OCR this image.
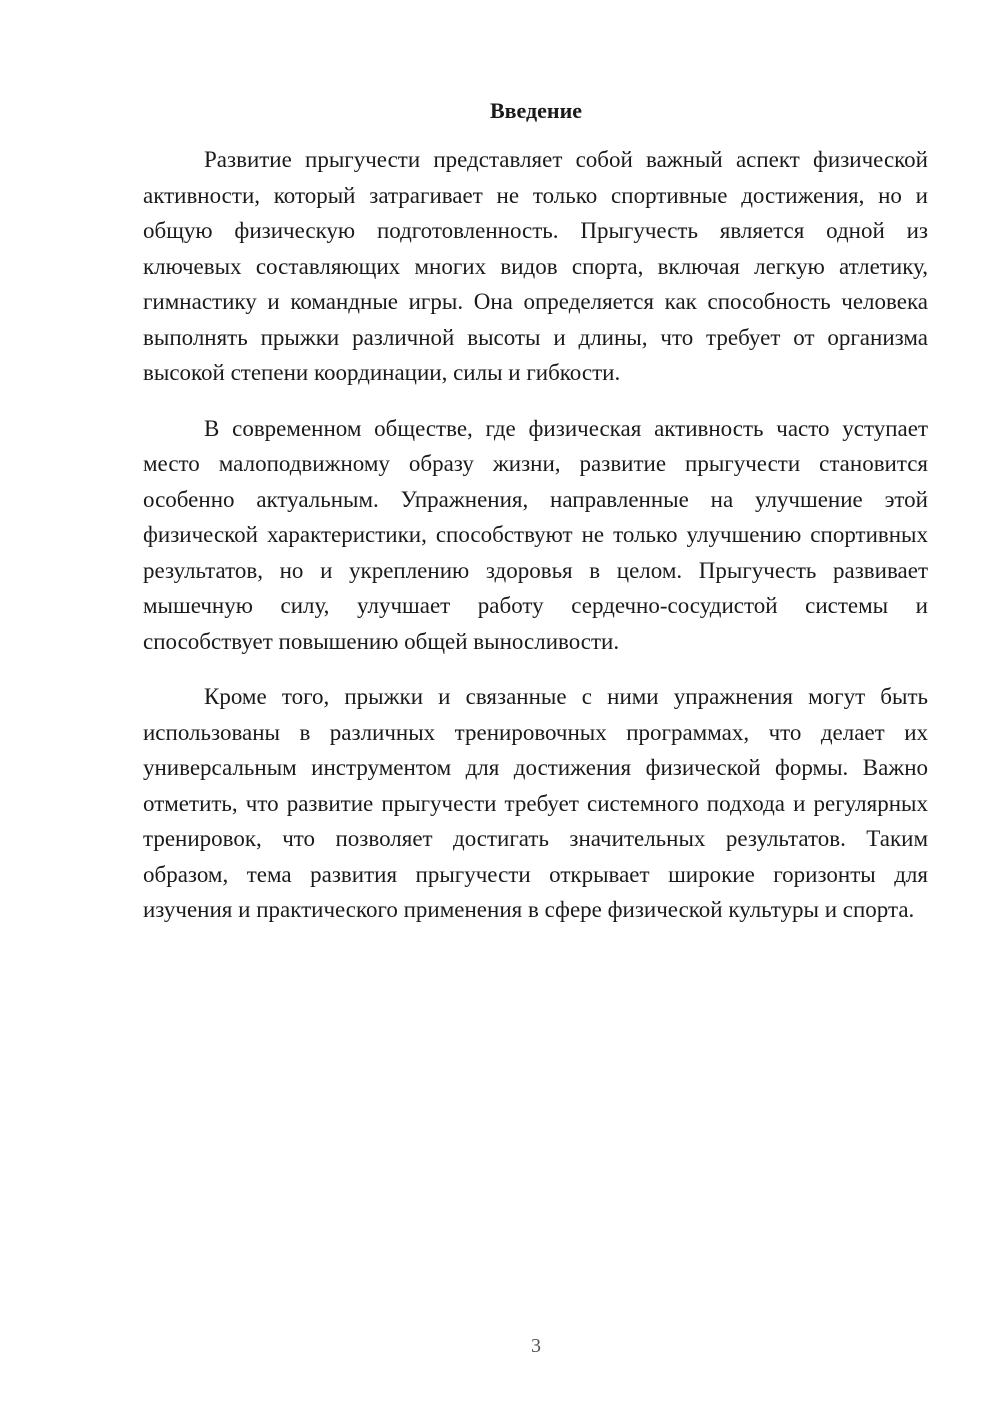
Введение

Развитие прыгучести представляет собой важный аспект физической активности, который затрагивает не только спортивные достижения, но и общую физическую подготовленность. Прыгучесть является одной из ключевых составляющих многих видов спорта, включая легкую атлетику, гимнастику и командные игры. Она определяется как способность человека выполнять прыжки различной высоты и длины, что требует от организма высокой степени координации, силы и гибкости.

В современном обществе, где физическая активность часто уступает место малоподвижному образу жизни, развитие прыгучести становится особенно актуальным. Упражнения, направленные на улучшение этой физической характеристики, способствуют не только улучшению спортивных результатов, но и укреплению здоровья в целом. Прыгучесть развивает мышечную силу, улучшает работу сердечно-сосудистой системы и способствует повышению общей выносливости.

Кроме того, прыжки и связанные с ними упражнения могут быть использованы в различных тренировочных программах, что делает их универсальным инструментом для достижения физической формы. Важно отметить, что развитие прыгучести требует системного подхода и регулярных тренировок, что позволяет достигать значительных результатов. Таким образом, тема развития прыгучести открывает широкие горизонты для изучения и практического применения в сфере физической культуры и спорта.

3
